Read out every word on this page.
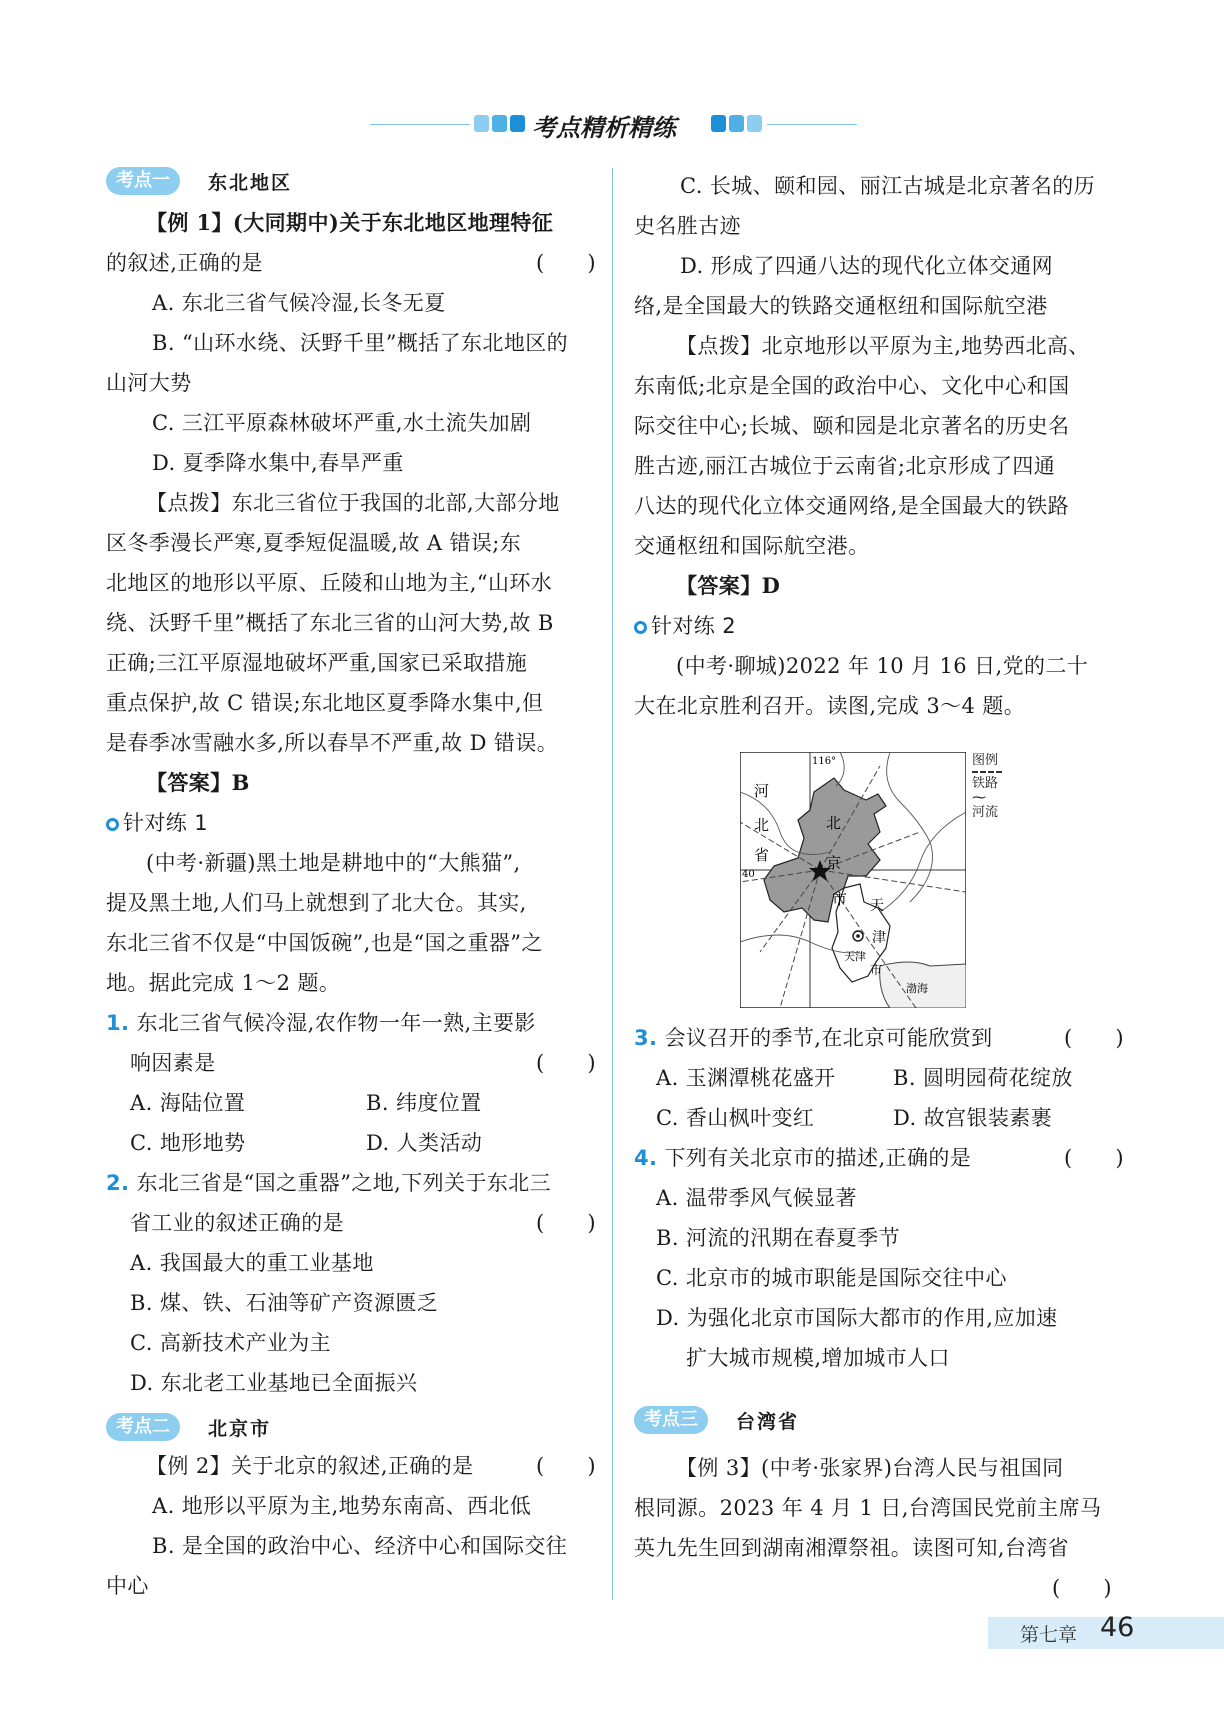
考点精析精练
考点一	东北地区
【例 1】(大同期中)关于东北地区地理特征
的叙述,正确的是	(　　)
A. 东北三省气候冷湿,长冬无夏
B. “山环水绕、沃野千里”概括了东北地区的
山河大势
C. 三江平原森林破坏严重,水土流失加剧
D. 夏季降水集中,春旱严重
【点拨】东北三省位于我国的北部,大部分地
区冬季漫长严寒,夏季短促温暖,故 A 错误;东
北地区的地形以平原、丘陵和山地为主,“山环水
绕、沃野千里”概括了东北三省的山河大势,故 B
正确;三江平原湿地破坏严重,国家已采取措施
重点保护,故 C 错误;东北地区夏季降水集中,但
是春季冰雪融水多,所以春旱不严重,故 D 错误。
【答案】B
针对练 1
(中考·新疆)黑土地是耕地中的“大熊猫”,
提及黑土地,人们马上就想到了北大仓。其实,
东北三省不仅是“中国饭碗”,也是“国之重器”之
地。据此完成 1～2 题。
1. 东北三省气候冷湿,农作物一年一熟,主要影
响因素是	(　　)
A. 海陆位置	B. 纬度位置
C. 地形地势	D. 人类活动
2. 东北三省是“国之重器”之地,下列关于东北三
省工业的叙述正确的是	(　　)
A. 我国最大的重工业基地
B. 煤、铁、石油等矿产资源匮乏
C. 高新技术产业为主
D. 东北老工业基地已全面振兴
考点二	北京市
【例 2】关于北京的叙述,正确的是	(　　)
A. 地形以平原为主,地势东南高、西北低
B. 是全国的政治中心、经济中心和国际交往
中心
C. 长城、颐和园、丽江古城是北京著名的历
史名胜古迹
D. 形成了四通八达的现代化立体交通网
络,是全国最大的铁路交通枢纽和国际航空港
【点拨】北京地形以平原为主,地势西北高、
东南低;北京是全国的政治中心、文化中心和国
际交往中心;长城、颐和园是北京著名的历史名
胜古迹,丽江古城位于云南省;北京形成了四通
八达的现代化立体交通网络,是全国最大的铁路
交通枢纽和国际航空港。
【答案】D
针对练 2
(中考·聊城)2022 年 10 月 16 日,党的二十
大在北京胜利召开。读图,完成 3～4 题。
116°
40
河
北
省
北
京
市 天
津
天津
市
渤海
图例
铁路
⁓
河流
3. 会议召开的季节,在北京可能欣赏到	(　　)
A. 玉渊潭桃花盛开	B. 圆明园荷花绽放
C. 香山枫叶变红	D. 故宫银装素裹
4. 下列有关北京市的描述,正确的是	(　　)
A. 温带季风气候显著
B. 河流的汛期在春夏季节
C. 北京市的城市职能是国际交往中心
D. 为强化北京市国际大都市的作用,应加速
扩大城市规模,增加城市人口
考点三	台湾省
【例 3】(中考·张家界)台湾人民与祖国同
根同源。2023 年 4 月 1 日,台湾国民党前主席马
英九先生回到湖南湘潭祭祖。读图可知,台湾省
(　　)
第七章 46
